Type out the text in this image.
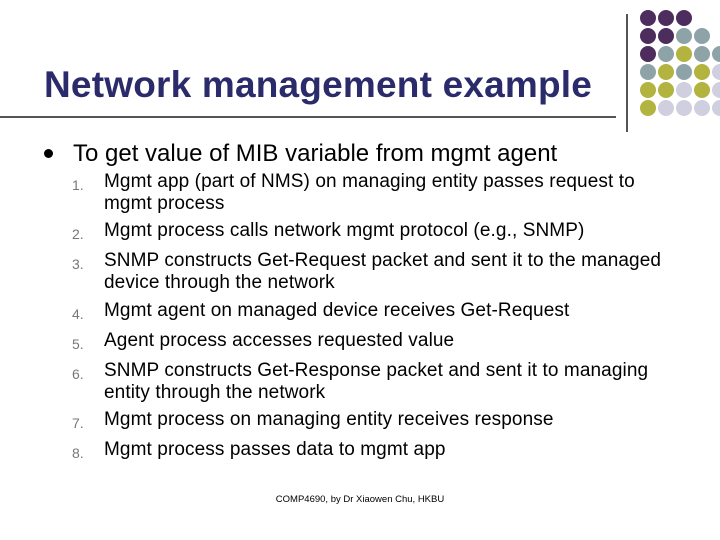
Network management example
To get value of MIB variable from mgmt agent
1.	Mgmt app (part of NMS) on managing entity passes request to mgmt process
2.	Mgmt process calls network mgmt protocol (e.g., SNMP)
3.	SNMP constructs Get-Request packet and sent it to the managed device through the network
4.	Mgmt agent on managed device receives Get-Request
5.	Agent process accesses requested value
6.	SNMP constructs Get-Response packet and sent it to managing entity through the network
7.	Mgmt process on managing entity receives response
8.	Mgmt process passes data to mgmt app
COMP4690, by Dr Xiaowen Chu, HKBU
